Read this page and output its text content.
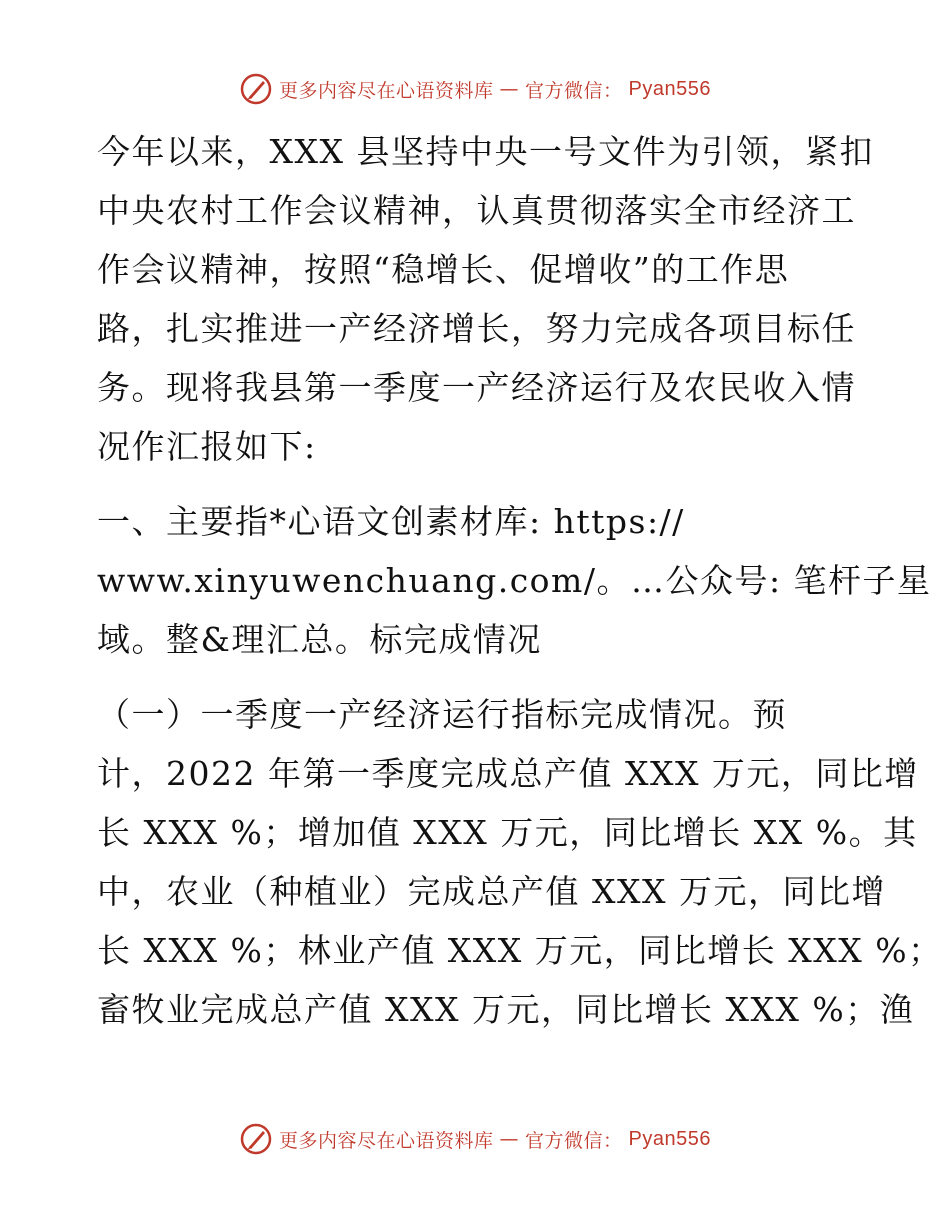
更多内容尽在心语资料库 — 官方微信： Pyan556

今年以来，XXX 县坚持中央一号文件为引领，紧扣
中央农村工作会议精神，认真贯彻落实全市经济工
作会议精神，按照“稳增长、促增收”的工作思
路，扎实推进一产经济增长，努力完成各项目标任
务。现将我县第一季度一产经济运行及农民收入情
况作汇报如下:

一、主要指*心语文创素材库: https://
www.xinyuwenchuang.com/。…公众号: 笔杆子星
域。整&理汇总。标完成情况

（一）一季度一产经济运行指标完成情况。预
计，2022 年第一季度完成总产值 XXX 万元，同比增
长 XXX %；增加值 XXX 万元，同比增长 XX %。其
中，农业（种植业）完成总产值 XXX 万元，同比增
长 XXX %；林业产值 XXX 万元，同比增长 XXX %；
畜牧业完成总产值 XXX 万元，同比增长 XXX %；渔

更多内容尽在心语资料库 — 官方微信： Pyan556
